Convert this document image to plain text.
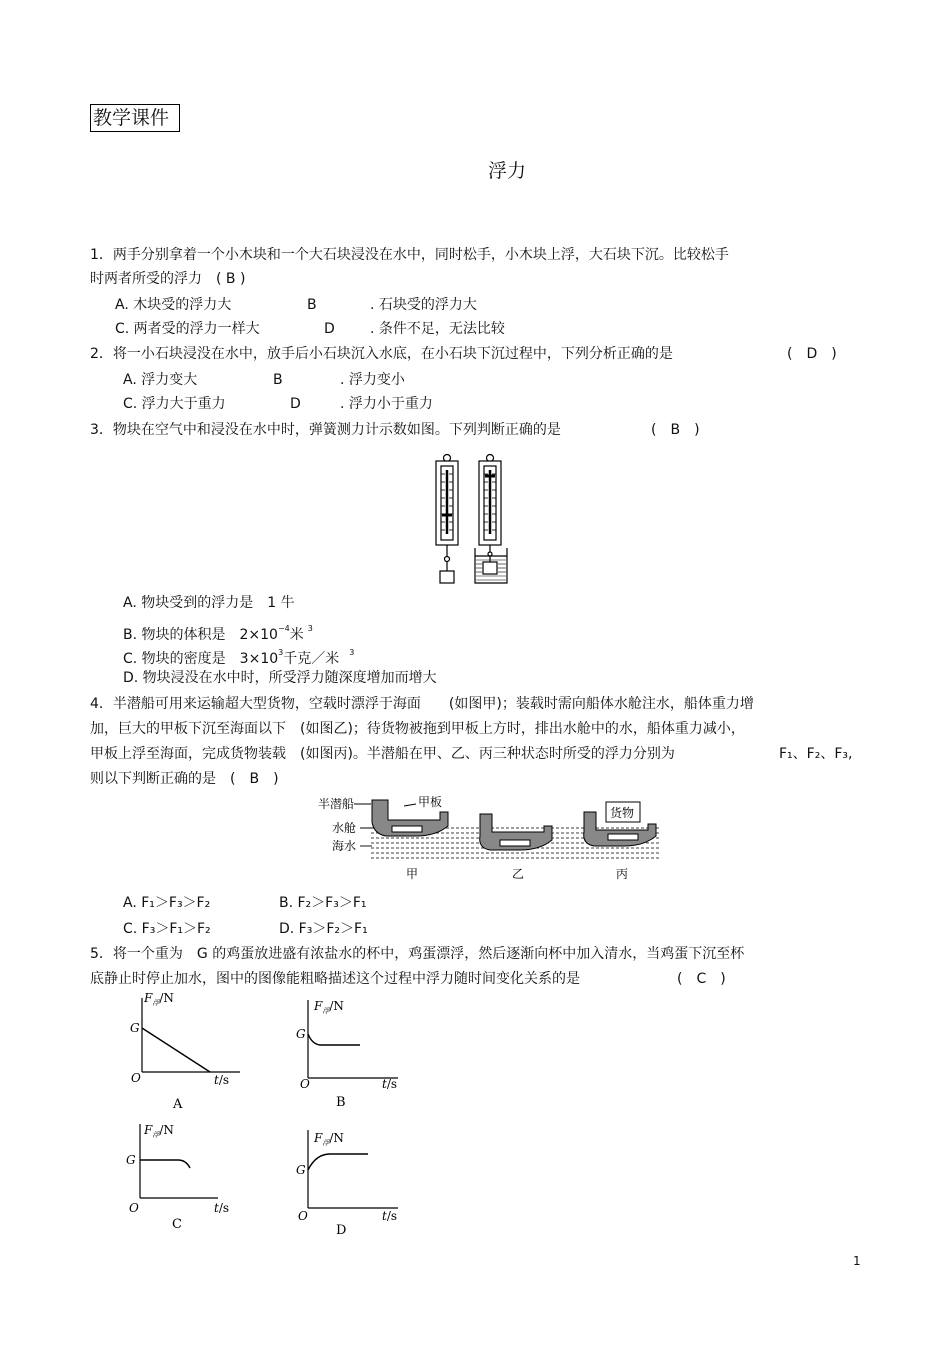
教学课件
浮力
1．两手分别拿着一个小木块和一个大石块浸没在水中，同时松手，小木块上浮，大石块下沉。比较松手
时两者所受的浮力　( B )
A. 木块受的浮力大	B	. 石块受的浮力大
C. 两者受的浮力一样大	D	. 条件不足，无法比较
2．将一小石块浸没在水中，放手后小石块沉入水底，在小石块下沉过程中，下列分析正确的是	(　D　)
A. 浮力变大	B	. 浮力变小
C. 浮力大于重力	D	. 浮力小于重力
3．物块在空气中和浸没在水中时，弹簧测力计示数如图。下列判断正确的是	(　B　)
A. 物块受到的浮力是　1 牛
B. 物块的体积是　$2\times 10^{-4}$米 $^3$
C. 物块的密度是　$3\times 10^3$千克／米 $^3$
D. 物块浸没在水中时，所受浮力随深度增加而增大
4．半潜船可用来运输超大型货物，空载时漂浮于海面　　(如图甲)；装载时需向船体水舱注水，船体重力增
加，巨大的甲板下沉至海面以下　(如图乙)；待货物被拖到甲板上方时，排出水舱中的水，船体重力减小，
甲板上浮至海面，完成货物装载　(如图丙)。半潜船在甲、乙、丙三种状态时所受的浮力分别为	F₁、F₂、F₃,
则以下判断正确的是　(　B　)
半潜船	甲板
水舱
海水
甲	乙	丙
货物
A. F₁＞F₃＞F₂	B. F₂＞F₃＞F₁
C. F₃＞F₁＞F₂	D. F₃＞F₂＞F₁
5．将一个重为　G 的鸡蛋放进盛有浓盐水的杯中，鸡蛋漂浮，然后逐渐向杯中加入清水，当鸡蛋下沉至杯
底静止时停止加水，图中的图像能粗略描述这个过程中浮力随时间变化关系的是	(　C　)
$F_浮/N$
G
O	t/s
A
$F_浮/N$
G
O	t/s
B
$F_浮/N$
G
O	t/s
C
$F_浮/N$
G
O	t/s
D
1
